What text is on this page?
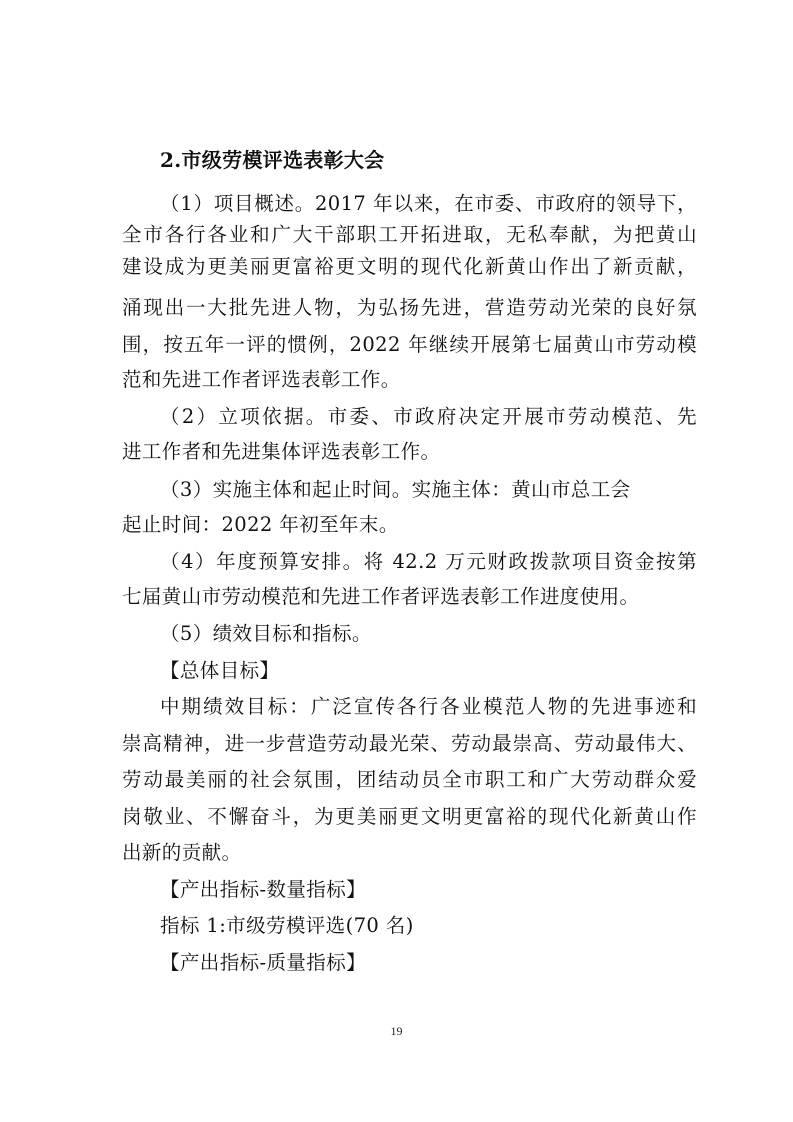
2.市级劳模评选表彰大会
（1）项目概述。2017 年以来，在市委、市政府的领导下，
全市各行各业和广大干部职工开拓进取，无私奉献，为把黄山
建设成为更美丽更富裕更文明的现代化新黄山作出了新贡献，
涌现出一大批先进人物，为弘扬先进，营造劳动光荣的良好氛
围，按五年一评的惯例，2022 年继续开展第七届黄山市劳动模
范和先进工作者评选表彰工作。
（2）立项依据。市委、市政府决定开展市劳动模范、先
进工作者和先进集体评选表彰工作。
（3）实施主体和起止时间。实施主体：黄山市总工会
起止时间：2022 年初至年末。
（4）年度预算安排。将 42.2 万元财政拨款项目资金按第
七届黄山市劳动模范和先进工作者评选表彰工作进度使用。
（5）绩效目标和指标。
【总体目标】
中期绩效目标：广泛宣传各行各业模范人物的先进事迹和
崇高精神，进一步营造劳动最光荣、劳动最崇高、劳动最伟大、
劳动最美丽的社会氛围，团结动员全市职工和广大劳动群众爱
岗敬业、不懈奋斗，为更美丽更文明更富裕的现代化新黄山作
出新的贡献。
【产出指标-数量指标】
指标 1:市级劳模评选(70 名)
【产出指标-质量指标】
19
